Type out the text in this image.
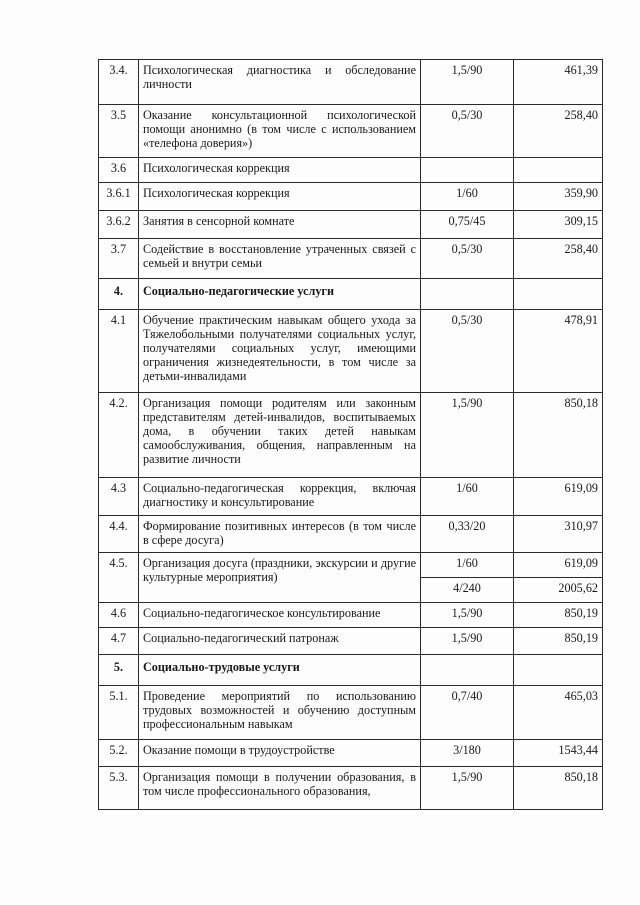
3.4.	Психологическая диагностика и обследование личности	1,5/90	461,39
3.5	Оказание консультационной психологической помощи анонимно (в том числе с использованием «телефона доверия»)	0,5/30	258,40
3.6	Психологическая коррекция		
3.6.1	Психологическая коррекция	1/60	359,90
3.6.2	Занятия в сенсорной комнате	0,75/45	309,15
3.7	Содействие в восстановление утраченных связей с семьей и внутри семьи	0,5/30	258,40
4.	Социально-педагогические услуги		
4.1	Обучение практическим навыкам общего ухода за Тяжелобольными получателями социальных услуг, получателями социальных услуг, имеющими ограничения жизнедеятельности, в том числе за детьми-инвалидами	0,5/30	478,91
4.2.	Организация помощи родителям или законным представителям детей-инвалидов, воспитываемых дома, в обучении таких детей навыкам самообслуживания, общения, направленным на развитие личности	1,5/90	850,18
4.3	Социально-педагогическая коррекция, включая диагностику и консультирование	1/60	619,09
4.4.	Формирование позитивных интересов (в том числе в сфере досуга)	0,33/20	310,97
4.5.	Организация досуга (праздники, экскурсии и другие культурные мероприятия)	1/60	619,09
		4/240	2005,62
4.6	Социально-педагогическое консультирование	1,5/90	850,19
4.7	Социально-педагогический патронаж	1,5/90	850,19
5.	Социально-трудовые услуги		
5.1.	Проведение мероприятий по использованию трудовых возможностей и обучению доступным профессиональным навыкам	0,7/40	465,03
5.2.	Оказание помощи в трудоустройстве	3/180	1543,44
5.3.	Организация помощи в получении образования, в том числе профессионального образования,	1,5/90	850,18
